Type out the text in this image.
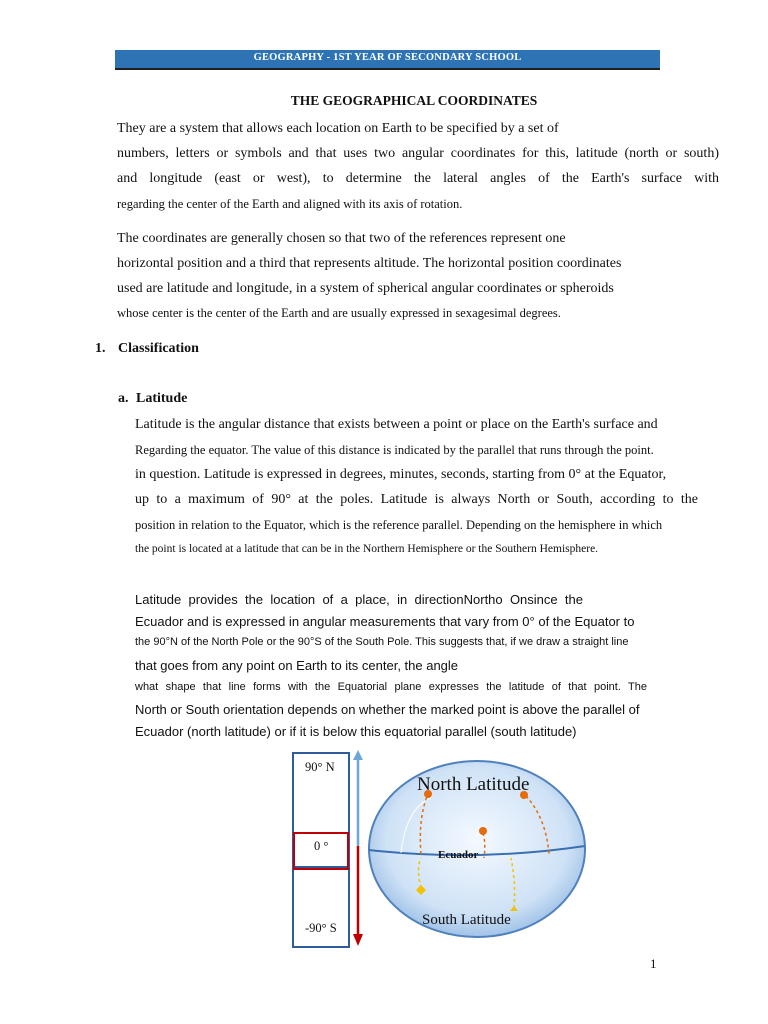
GEOGRAPHY - 1ST YEAR OF SECONDARY SCHOOL
THE GEOGRAPHICAL COORDINATES
They are a system that allows each location on Earth to be specified by a set of
numbers, letters or symbols and that uses two angular coordinates for this, latitude (north or south)
and longitude (east or west), to determine the lateral angles of the Earth's surface with
regarding the center of the Earth and aligned with its axis of rotation.
The coordinates are generally chosen so that two of the references represent one
horizontal position and a third that represents altitude. The horizontal position coordinates
used are latitude and longitude, in a system of spherical angular coordinates or spheroids
whose center is the center of the Earth and are usually expressed in sexagesimal degrees.
1. Classification
a. Latitude
Latitude is the angular distance that exists between a point or place on the Earth's surface and
Regarding the equator. The value of this distance is indicated by the parallel that runs through the point.
in question. Latitude is expressed in degrees, minutes, seconds, starting from 0° at the Equator,
up to a maximum of 90° at the poles. Latitude is always North or South, according to the
position in relation to the Equator, which is the reference parallel. Depending on the hemisphere in which
the point is located at a latitude that can be in the Northern Hemisphere or the Southern Hemisphere.
Latitude provides the location of a place, in directionNortho Onsince the
Ecuador and is expressed in angular measurements that vary from 0° of the Equator to
the 90°N of the North Pole or the 90°S of the South Pole. This suggests that, if we draw a straight line
that goes from any point on Earth to its center, the angle
what shape that line forms with the Equatorial plane expresses the latitude of that point. The
North or South orientation depends on whether the marked point is above the parallel of
Ecuador (north latitude) or if it is below this equatorial parallel (south latitude)
90° N
0 °
-90° S
North Latitude
Ecuador
South Latitude
1
